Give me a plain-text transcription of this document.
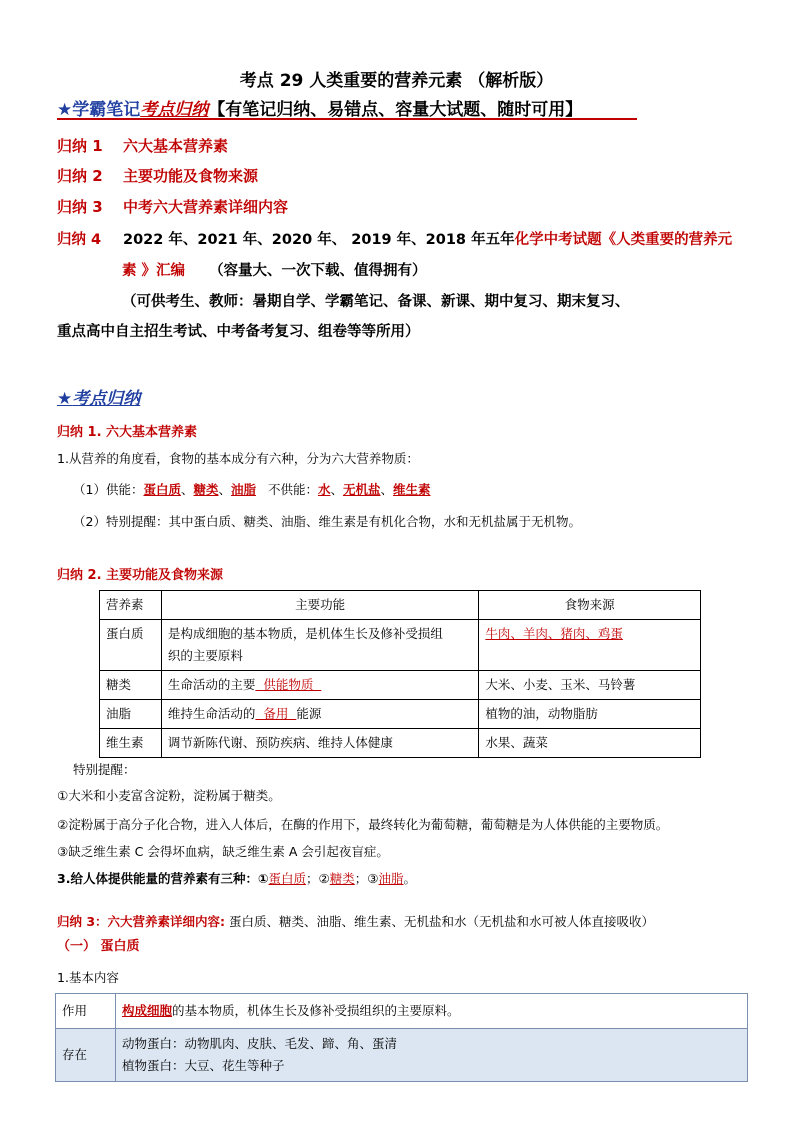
考点 29 人类重要的营养元素 （解析版）
★学霸笔记考点归纳【有笔记归纳、易错点、容量大试题、随时可用】
归纳 1 六大基本营养素
归纳 2 主要功能及食物来源
归纳 3 中考六大营养素详细内容
归纳 4 2022 年、2021 年、2020 年、 2019 年、2018 年五年化学中考试题《人类重要的营养元
素 》汇编 （容量大、一次下载、值得拥有）
（可供考生、教师：暑期自学、学霸笔记、备课、新课、期中复习、期末复习、
重点高中自主招生考试、中考备考复习、组卷等等所用）
★考点归纳
归纳 1. 六大基本营养素
1.从营养的角度看，食物的基本成分有六种，分为六大营养物质：
（1）供能：蛋白质、糖类、油脂   不供能：水、无机盐、维生素
（2）特别提醒：其中蛋白质、糖类、油脂、维生素是有机化合物，水和无机盐属于无机物。
归纳 2. 主要功能及食物来源
营养素	主要功能	食物来源
蛋白质	是构成细胞的基本物质，是机体生长及修补受损组
织的主要原料	牛肉、羊肉、猪肉、鸡蛋
糖类	生命活动的主要  供能物质	大米、小麦、玉米、马铃薯
油脂	维持生命活动的  备用  能源	植物的油，动物脂肪
维生素	调节新陈代谢、预防疾病、维持人体健康	水果、蔬菜
特别提醒：
①大米和小麦富含淀粉，淀粉属于糖类。
②淀粉属于高分子化合物，进入人体后，在酶的作用下，最终转化为葡萄糖，葡萄糖是为人体供能的主要物质。
③缺乏维生素 C 会得坏血病，缺乏维生素 A 会引起夜盲症。
3.给人体提供能量的营养素有三种：①蛋白质；②糖类；③油脂。
归纳 3：六大营养素详细内容: 蛋白质、糖类、油脂、维生素、无机盐和水（无机盐和水可被人体直接吸收）
（一） 蛋白质
1.基本内容
作用	构成细胞的基本物质，机体生长及修补受损组织的主要原料。
存在	动物蛋白：动物肌肉、皮肤、毛发、蹄、角、蛋清
植物蛋白：大豆、花生等种子
